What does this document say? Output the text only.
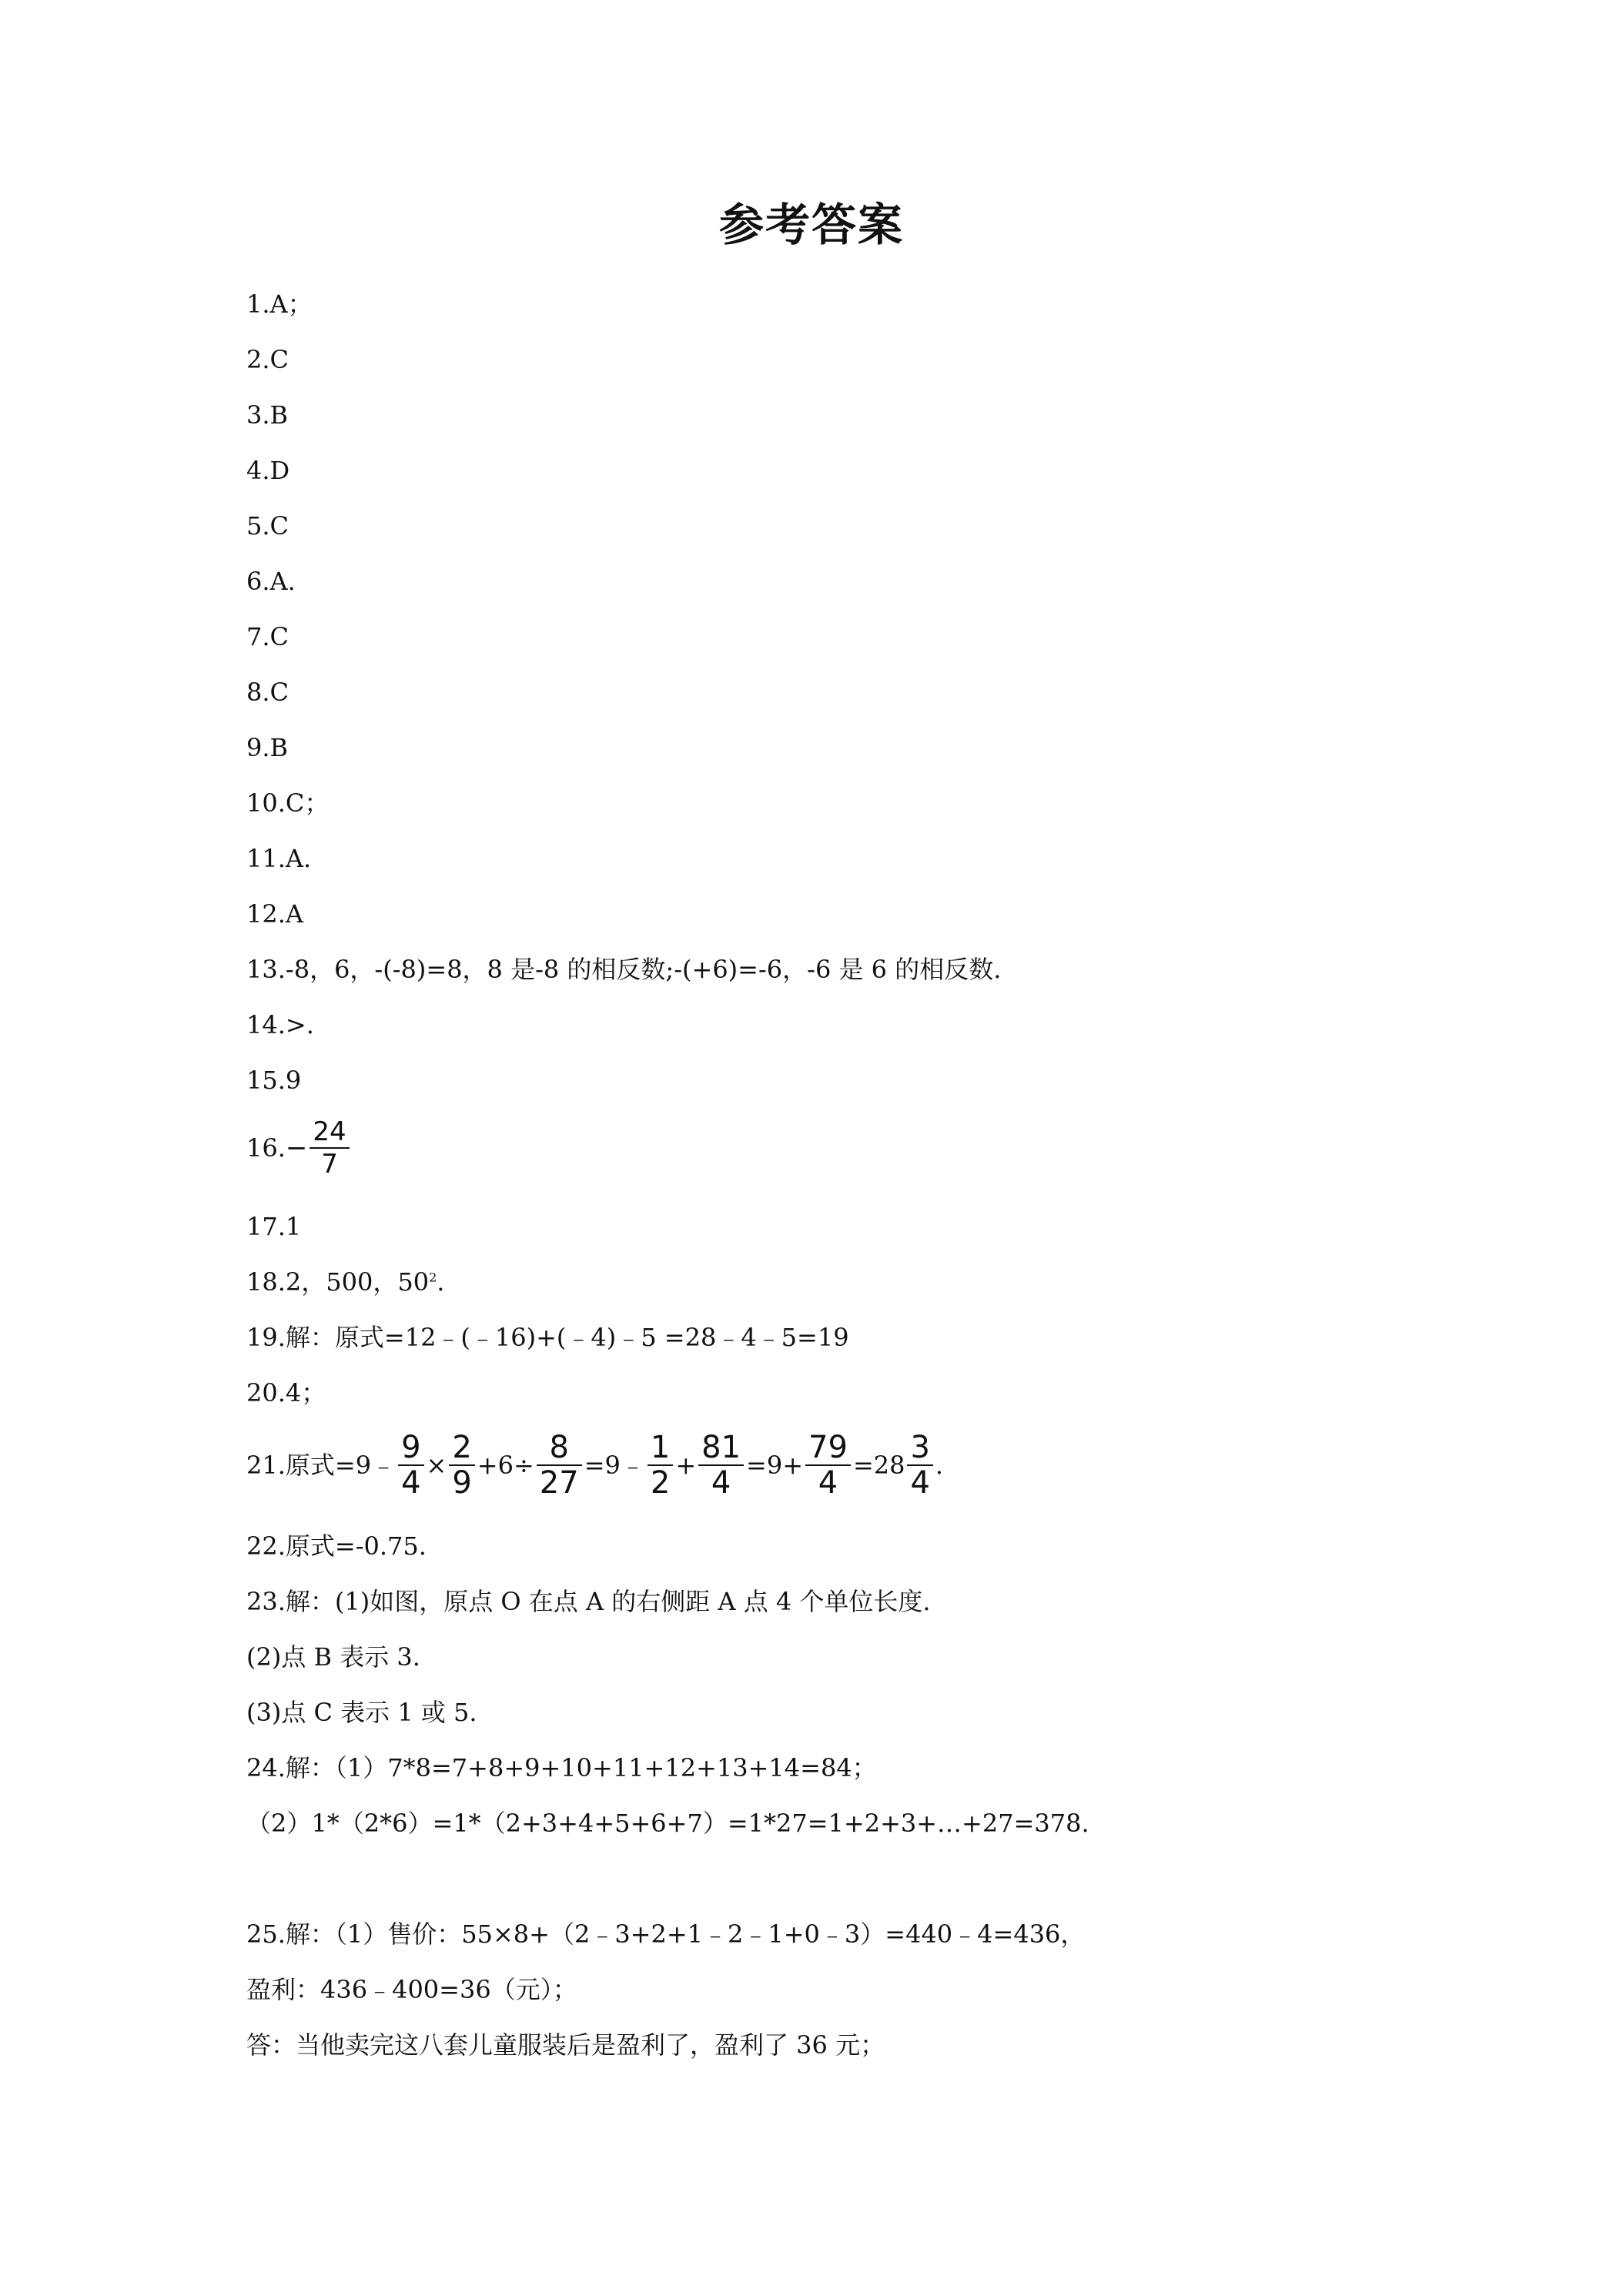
参考答案
1.A；
2.C
3.B
4.D
5.C
6.A.
7.C
8.C
9.B
10.C；
11.A.
12.A
13.-8，6，-(-8)=8，8 是-8 的相反数;-(+6)=-6，-6 是 6 的相反数.
14.>.
15.9
$16.- \frac{24}{7}$
17.1
18.2，500，$50^2$.
19.解：原式=12﹣(﹣16)+(﹣4)﹣5 =28﹣4﹣5=19
20.4；
21.原式=9﹣ $\frac{9}{4} \times \frac{2}{9} +6\div \frac{8}{27}$ =9﹣ $\frac{1}{2} + \frac{81}{4} =9+ \frac{79}{4} =28 \frac{3}{4}$ .
22.原式=-0.75.
23.解：(1)如图，原点 O 在点 A 的右侧距 A 点 4 个单位长度.
(2)点 B 表示 3.
(3)点 C 表示 1 或 5.
24.解：（1）7*8=7+8+9+10+11+12+13+14=84；
（2）1*（2*6）=1*（2+3+4+5+6+7）=1*27=1+2+3+…+27=378.
25.解：（1）售价：55×8+（2﹣3+2+1﹣2﹣1+0﹣3）=440﹣4=436，
盈利：436﹣400=36（元）；
答：当他卖完这八套儿童服装后是盈利了，盈利了 36 元；
